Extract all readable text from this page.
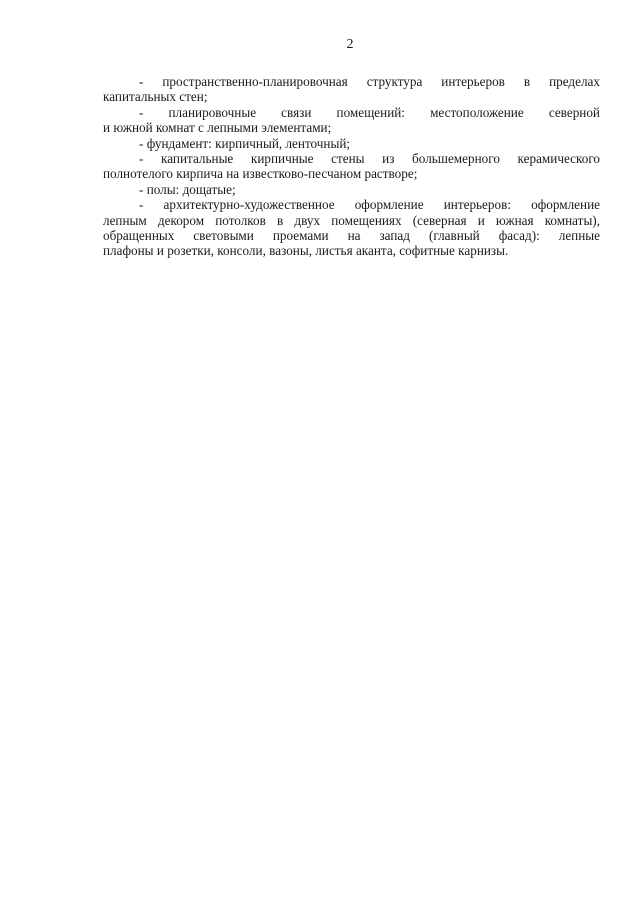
2
- пространственно-планировочная структура интерьеров в пределах
капитальных стен;
- планировочные связи помещений: местоположение северной
и южной комнат с лепными элементами;
- фундамент: кирпичный, ленточный;
- капитальные кирпичные стены из большемерного керамического
полнотелого кирпича на известково-песчаном растворе;
- полы: дощатые;
- архитектурно-художественное оформление интерьеров: оформление
лепным декором потолков в двух помещениях (северная и южная комнаты),
обращенных световыми проемами на запад (главный фасад): лепные
плафоны и розетки, консоли, вазоны, листья аканта, софитные карнизы.
